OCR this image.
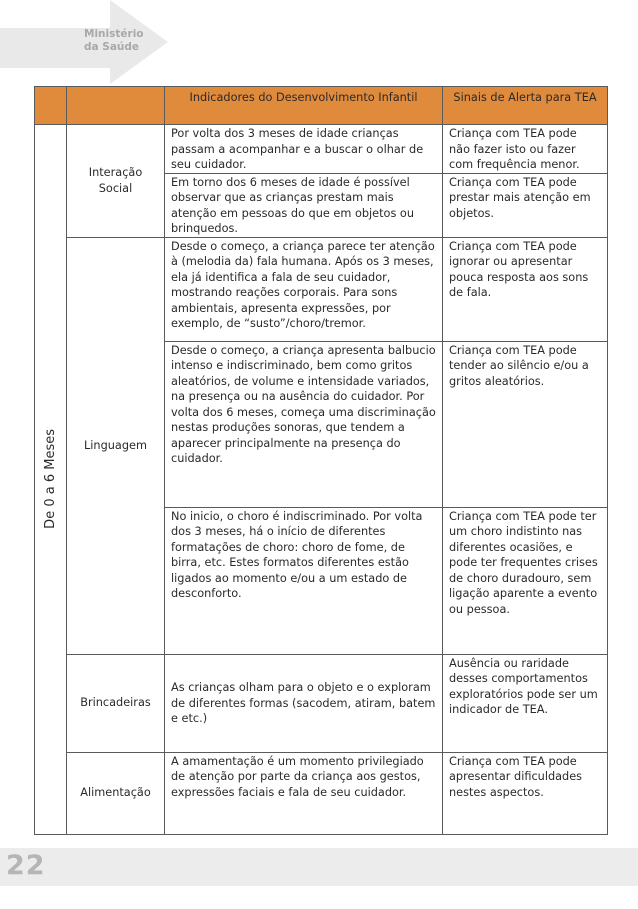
Ministério
da Saúde
		Indicadores do Desenvolvimento Infantil	Sinais de Alerta para TEA

De 0 a 6 Meses	Interação Social	Por volta dos 3 meses de idade crianças passam a acompanhar e a buscar o olhar de seu cuidador.	Criança com TEA pode não fazer isto ou fazer com frequência menor.
		Em torno dos 6 meses de idade é possível observar que as crianças prestam mais atenção em pessoas do que em objetos ou brinquedos.	Criança com TEA pode prestar mais atenção em objetos.
	Linguagem	Desde o começo, a criança parece ter atenção à (melodia da) fala humana. Após os 3 meses, ela já identifica a fala de seu cuidador, mostrando reações corporais. Para sons ambientais, apresenta expressões, por exemplo, de “susto”/choro/tremor.	Criança com TEA pode ignorar ou apresentar pouca resposta aos sons de fala.
		Desde o começo, a criança apresenta balbucio intenso e indiscriminado, bem como gritos aleatórios, de volume e intensidade variados, na presença ou na ausência do cuidador. Por volta dos 6 meses, começa uma discriminação nestas produções sonoras, que tendem a aparecer principalmente na presença do cuidador.	Criança com TEA pode tender ao silêncio e/ou a gritos aleatórios.
		No inicio, o choro é indiscriminado. Por volta dos 3 meses, há o início de diferentes formatações de choro: choro de fome, de birra, etc. Estes formatos diferentes estão ligados ao momento e/ou a um estado de desconforto.	Criança com TEA pode ter um choro indistinto nas diferentes ocasiões, e pode ter frequentes crises de choro duradouro, sem ligação aparente a evento ou pessoa.
	Brincadeiras	As crianças olham para o objeto e o exploram de diferentes formas (sacodem, atiram, batem e etc.)	Ausência ou raridade desses comportamentos exploratórios pode ser um indicador de TEA.
	Alimentação	A amamentação é um momento privilegiado de atenção por parte da criança aos gestos, expressões faciais e fala de seu cuidador.	Criança com TEA pode apresentar dificuldades nestes aspectos.
22
